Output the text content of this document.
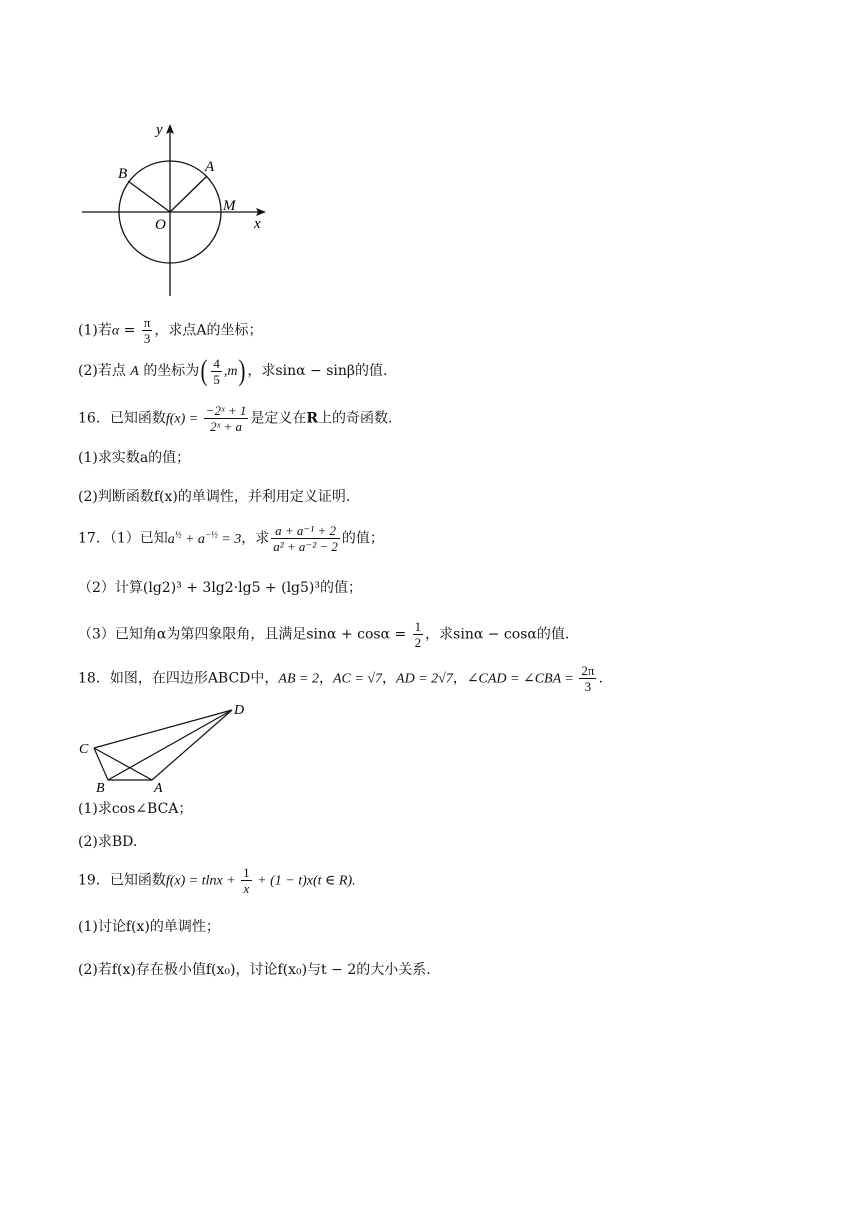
y
x
B	A
O
M
(1)若$\alpha = \frac{\pi}{3}$ ，求点A的坐标；
(2)若点 A 的坐标为( $\frac{4}{5} ,m$) ，求sinα − sinβ的值.
16．已知函数$f(x) = \frac{\text{−2ˣ + 1}}{\text{2ˣ + a}}$ 是定义在R上的奇函数.
(1)求实数a的值；
(2)判断函数f(x)的单调性，并利用定义证明.
17．（1）已知$a^{\frac{1}{2}} + a^{-\frac{1}{2}} = 3$，求 $\frac{\text{a + a⁻¹ + 2}}{\text{a² + a⁻² − 2}}$ 的值；
（2）计算(lg2)³ + 3lg2·lg5 + (lg5)³的值；
（3）已知角α为第四象限角，且满足$\sin\alpha + \cos\alpha = \frac{1}{2}$ ，求sinα − cosα的值.
18．如图，在四边形ABCD中，AB = 2，AC = √7，AD = 2√7，∠CAD = ∠CBA = $\frac{2\pi}{3}$ .
D
C
B	A
(1)求cos∠BCA；
(2)求BD.
19．已知函数$f(x) = tlnx + \frac{1}{x} + (1 - t)x(t$ ∈ R).
(1)讨论f(x)的单调性；
(2)若f(x)存在极小值f(x₀)，讨论f(x₀)与t − 2的大小关系.
